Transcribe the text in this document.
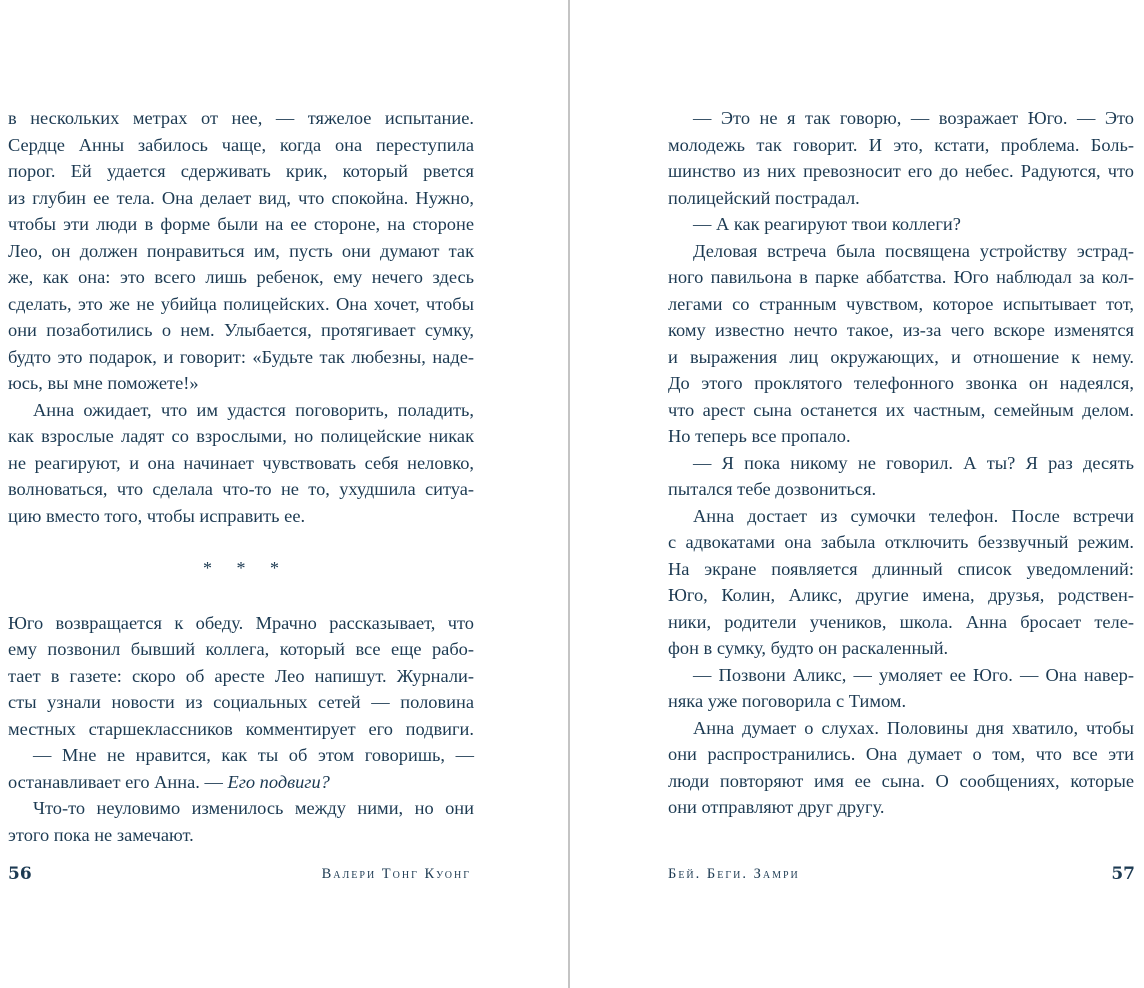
в нескольких метрах от нее, — тяжелое испытание.

Сердце Анны забилось чаще, когда она переступила

порог. Ей удается сдерживать крик, который рвется

из глубин ее тела. Она делает вид, что спокойна. Нужно,

чтобы эти люди в форме были на ее стороне, на стороне

Лео, он должен понравиться им, пусть они думают так

же, как она: это всего лишь ребенок, ему нечего здесь

сделать, это же не убийца полицейских. Она хочет, чтобы

они позаботились о нем. Улыбается, протягивает сумку,

будто это подарок, и говорит: «Будьте так любезны, наде-

юсь, вы мне поможете!»

Анна ожидает, что им удастся поговорить, поладить,

как взрослые ладят со взрослыми, но полицейские никак

не реагируют, и она начинает чувствовать себя неловко,

волноваться, что сделала что-то не то, ухудшила ситуа-

цию вместо того, чтобы исправить ее.

* * *

Юго возвращается к обеду. Мрачно рассказывает, что

ему позвонил бывший коллега, который все еще рабо-

тает в газете: скоро об аресте Лео напишут. Журнали-

сты узнали новости из социальных сетей — половина

местных старшеклассников комментирует его подвиги.

— Мне не нравится, как ты об этом говоришь, —

останавливает его Анна. — Его подвиги?

Что-то неуловимо изменилось между ними, но они

этого пока не замечают.

56	Валери Тонг Куонг

— Это не я так говорю, — возражает Юго. — Это

молодежь так говорит. И это, кстати, проблема. Боль-

шинство из них превозносит его до небес. Радуются, что

полицейский пострадал.

— А как реагируют твои коллеги?

Деловая встреча была посвящена устройству эстрад-

ного павильона в парке аббатства. Юго наблюдал за кол-

легами со странным чувством, которое испытывает тот,

кому известно нечто такое, из-за чего вскоре изменятся

и выражения лиц окружающих, и отношение к нему.

До этого проклятого телефонного звонка он надеялся,

что арест сына останется их частным, семейным делом.

Но теперь все пропало.

— Я пока никому не говорил. А ты? Я раз десять

пытался тебе дозвониться.

Анна достает из сумочки телефон. После встречи

с адвокатами она забыла отключить беззвучный режим.

На экране появляется длинный список уведомлений:

Юго, Колин, Аликс, другие имена, друзья, родствен-

ники, родители учеников, школа. Анна бросает теле-

фон в сумку, будто он раскаленный.

— Позвони Аликс, — умоляет ее Юго. — Она навер-

няка уже поговорила с Тимом.

Анна думает о слухах. Половины дня хватило, чтобы

они распространились. Она думает о том, что все эти

люди повторяют имя ее сына. О сообщениях, которые

они отправляют друг другу.

Бей. Беги. Замри	57
